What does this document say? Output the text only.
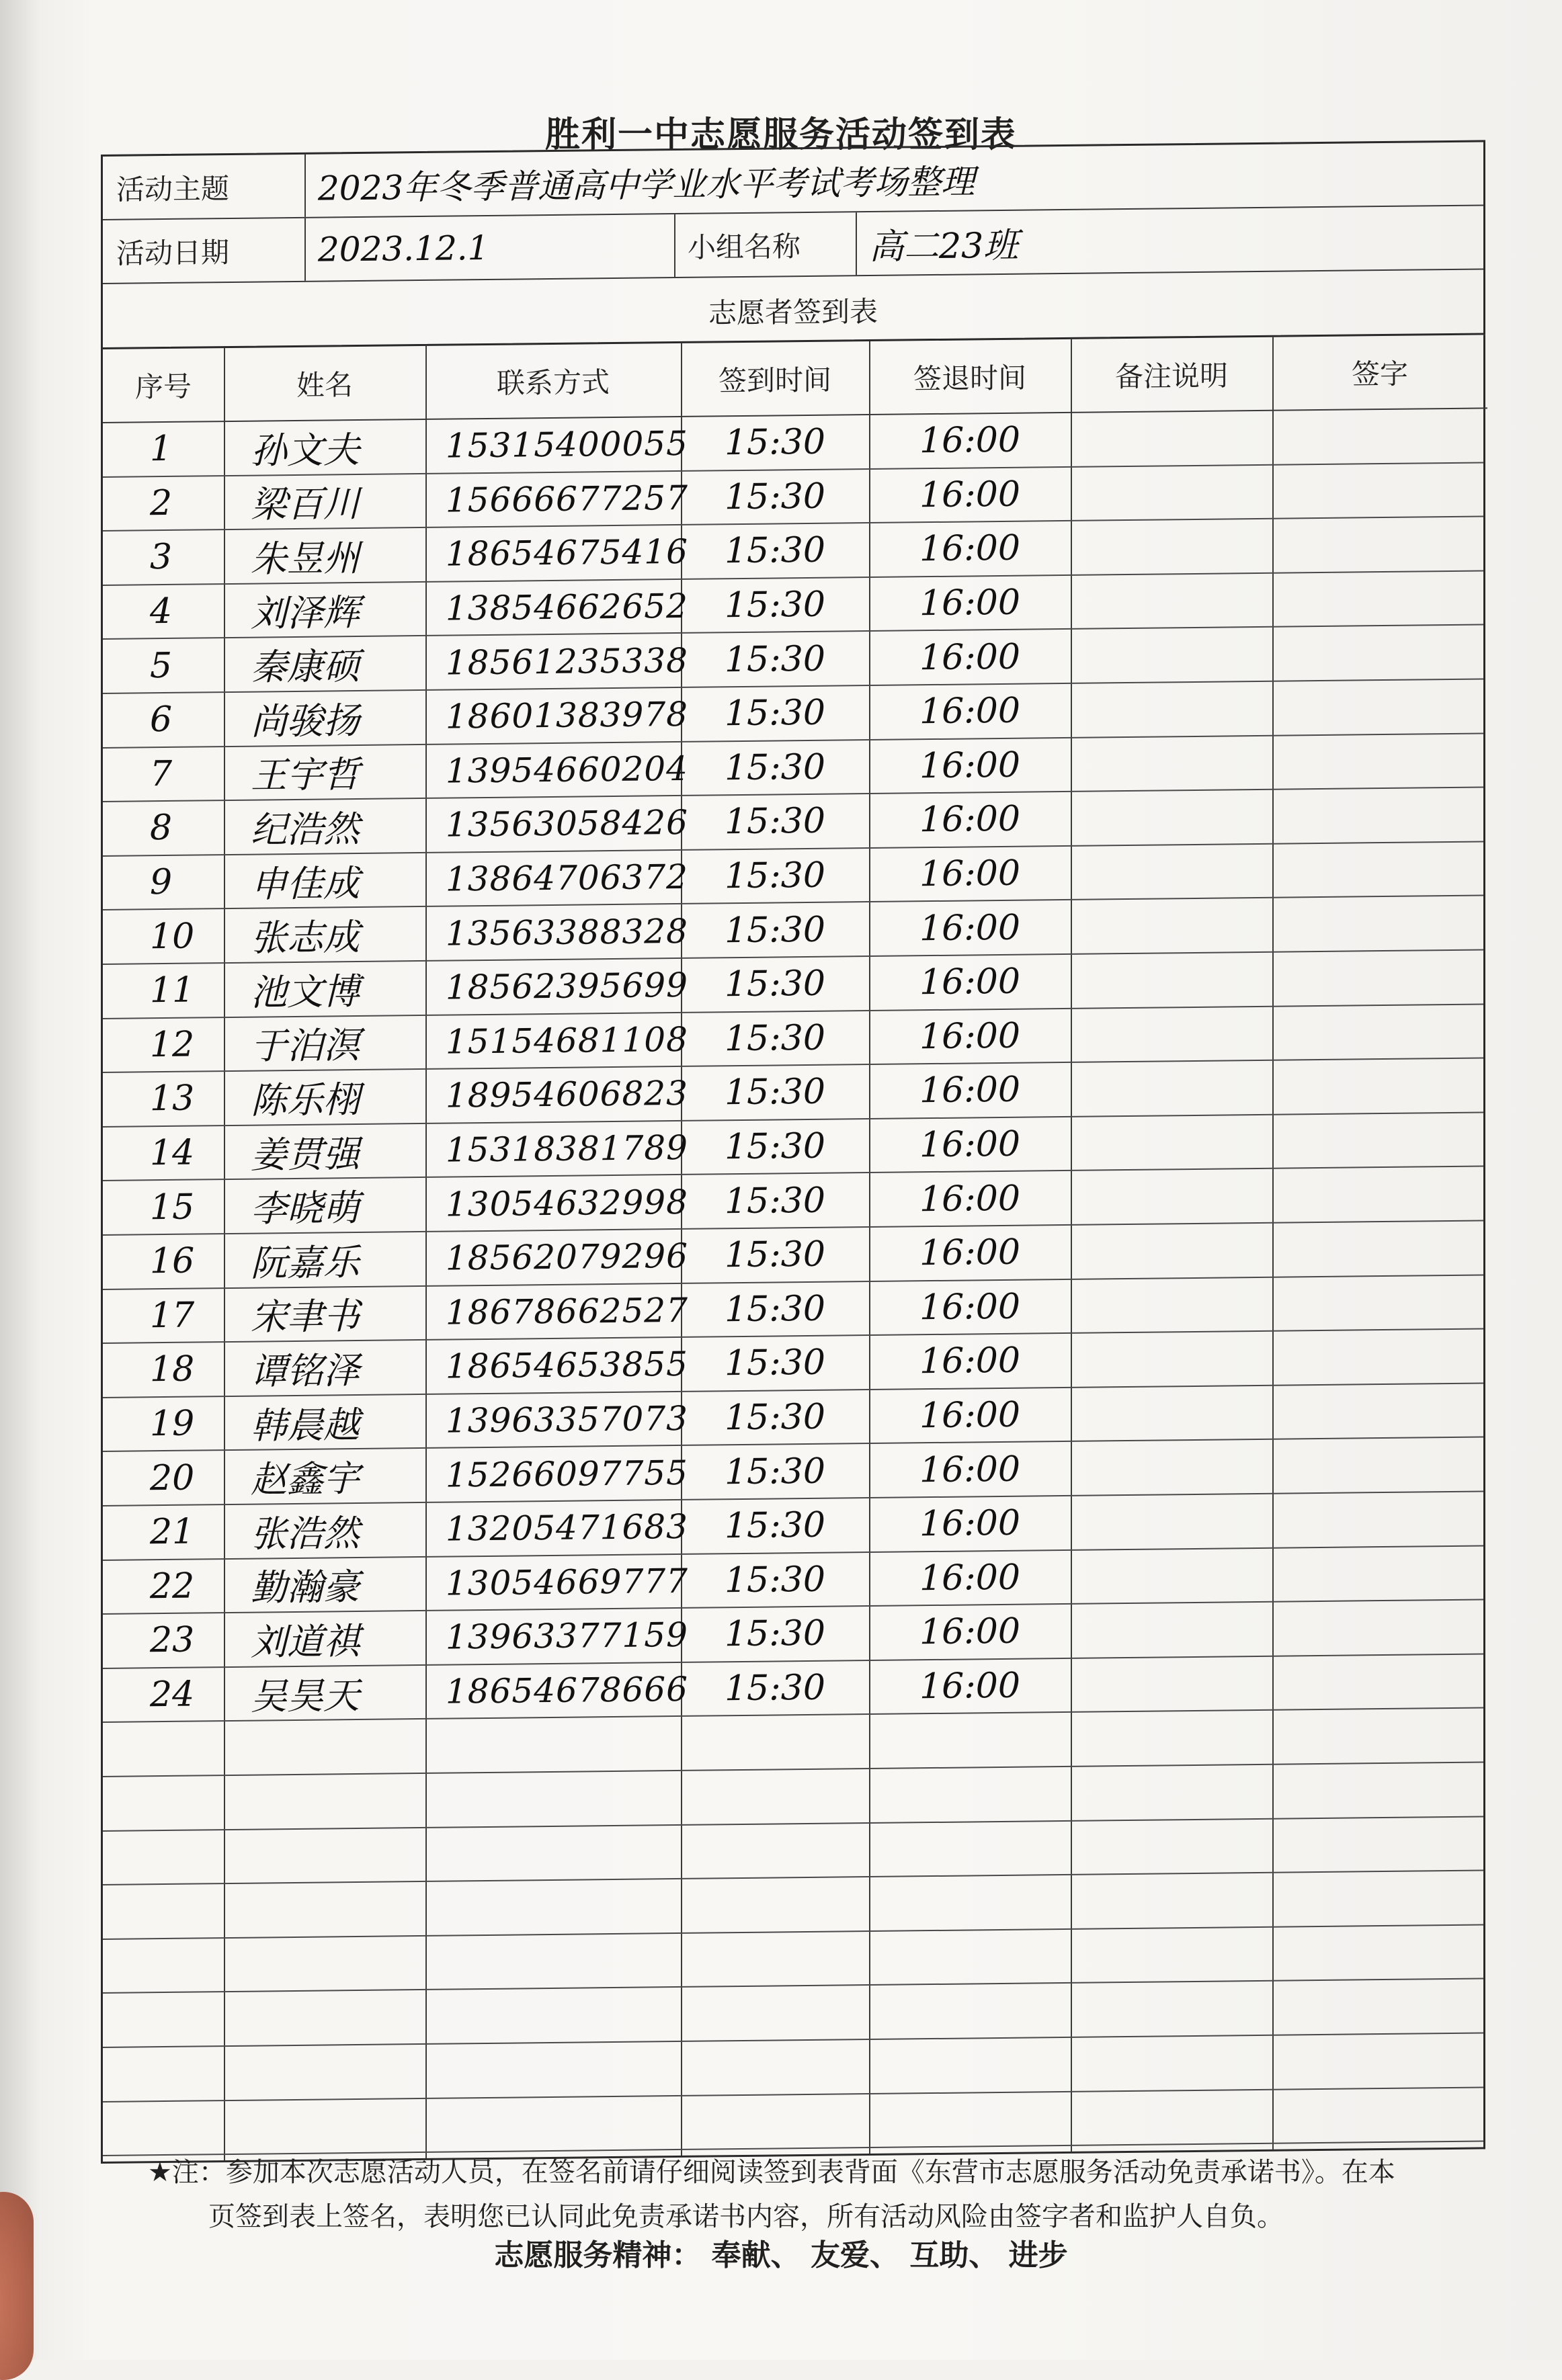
胜利一中志愿服务活动签到表
活动主题	2023年冬季普通高中学业水平考试考场整理
活动日期	2023.12.1	小组名称	高二23班
志愿者签到表
序号	姓名	联系方式	签到时间	签退时间	备注说明	签字
1	孙文夫	15315400055	15:30	16:00
2	梁百川	15666677257	15:30	16:00
3	朱昱州	18654675416	15:30	16:00
4	刘泽辉	13854662652	15:30	16:00
5	秦康硕	18561235338	15:30	16:00
6	尚骏扬	18601383978	15:30	16:00
7	王宇哲	13954660204	15:30	16:00
8	纪浩然	13563058426	15:30	16:00
9	申佳成	13864706372	15:30	16:00
10	张志成	13563388328	15:30	16:00
11	池文博	18562395699	15:30	16:00
12	于泊溟	15154681108	15:30	16:00
13	陈乐栩	18954606823	15:30	16:00
14	姜贯强	15318381789	15:30	16:00
15	李晓萌	13054632998	15:30	16:00
16	阮嘉乐	18562079296	15:30	16:00
17	宋聿书	18678662527	15:30	16:00
18	谭铭泽	18654653855	15:30	16:00
19	韩晨越	13963357073	15:30	16:00
20	赵鑫宇	15266097755	15:30	16:00
21	张浩然	13205471683	15:30	16:00
22	勤瀚豪	13054669777	15:30	16:00
23	刘道祺	13963377159	15:30	16:00
24	吴昊天	18654678666	15:30	16:00
★注：参加本次志愿活动人员，在签名前请仔细阅读签到表背面《东营市志愿服务活动免责承诺书》。在本
页签到表上签名，表明您已认同此免责承诺书内容，所有活动风险由签字者和监护人自负。
志愿服务精神： 奉献、 友爱、 互助、 进步
